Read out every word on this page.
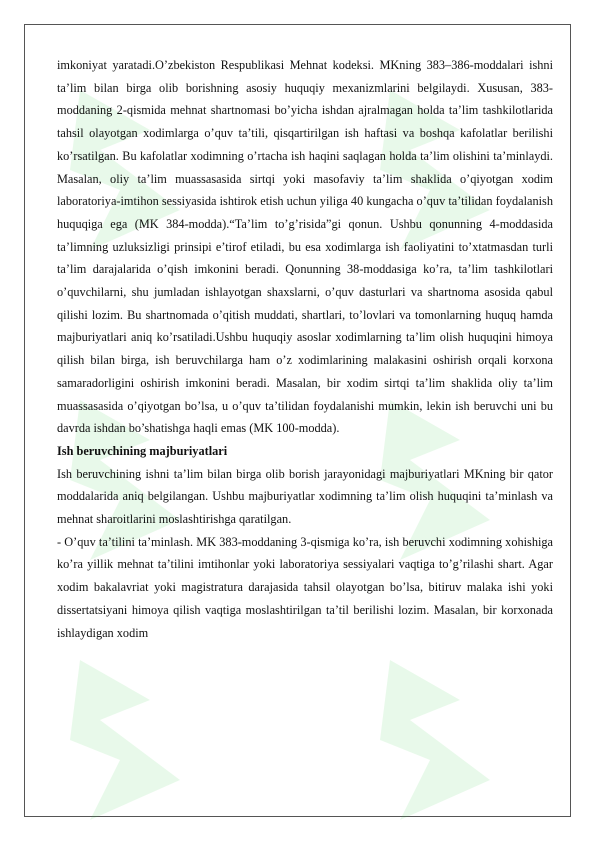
imkoniyat yaratadi.O’zbekiston Respublikasi Mehnat kodeksi. MKning 383–386-moddalari ishni ta’lim bilan birga olib borishning asosiy huquqiy mexanizmlarini belgilaydi. Xususan, 383-moddaning 2-qismida mehnat shartnomasi bo’yicha ishdan ajralmagan holda ta’lim tashkilotlarida tahsil olayotgan xodimlarga o’quv ta’tili, qisqartirilgan ish haftasi va boshqa kafolatlar berilishi ko’rsatilgan. Bu kafolatlar xodimning o’rtacha ish haqini saqlagan holda ta’lim olishini ta’minlaydi. Masalan, oliy ta’lim muassasasida sirtqi yoki masofaviy ta’lim shaklida o’qiyotgan xodim laboratoriya-imtihon sessiyasida ishtirok etish uchun yiliga 40 kungacha o’quv ta’tilidan foydalanish huquqiga ega (MK 384-modda).“Ta’lim to’g’risida”gi qonun. Ushbu qonunning 4-moddasida ta’limning uzluksizligi prinsipi e’tirof etiladi, bu esa xodimlarga ish faoliyatini to’xtatmasdan turli ta’lim darajalarida o’qish imkonini beradi. Qonunning 38-moddasiga ko’ra, ta’lim tashkilotlari o’quvchilarni, shu jumladan ishlayotgan shaxslarni, o’quv dasturlari va shartnoma asosida qabul qilishi lozim. Bu shartnomada o’qitish muddati, shartlari, to’lovlari va tomonlarning huquq hamda majburiyatlari aniq ko’rsatiladi.Ushbu huquqiy asoslar xodimlarning ta’lim olish huquqini himoya qilish bilan birga, ish beruvchilarga ham o’z xodimlarining malakasini oshirish orqali korxona samaradorligini oshirish imkonini beradi. Masalan, bir xodim sirtqi ta’lim shaklida oliy ta’lim muassasasida o’qiyotgan bo’lsa, u o’quv ta’tilidan foydalanishi mumkin, lekin ish beruvchi uni bu davrda ishdan bo’shatishga haqli emas (MK 100-modda).

Ish beruvchining majburiyatlari

Ish beruvchining ishni ta’lim bilan birga olib borish jarayonidagi majburiyatlari MKning bir qator moddalarida aniq belgilangan. Ushbu majburiyatlar xodimning ta’lim olish huquqini ta’minlash va mehnat sharoitlarini moslashtirishga qaratilgan.

- O’quv ta’tilini ta’minlash. MK 383-moddaning 3-qismiga ko’ra, ish beruvchi xodimning xohishiga ko’ra yillik mehnat ta’tilini imtihonlar yoki laboratoriya sessiyalari vaqtiga to’g’rilashi shart. Agar xodim bakalavriat yoki magistratura darajasida tahsil olayotgan bo’lsa, bitiruv malaka ishi yoki dissertatsiyani himoya qilish vaqtiga moslashtirilgan ta’til berilishi lozim. Masalan, bir korxonada ishlaydigan xodim
